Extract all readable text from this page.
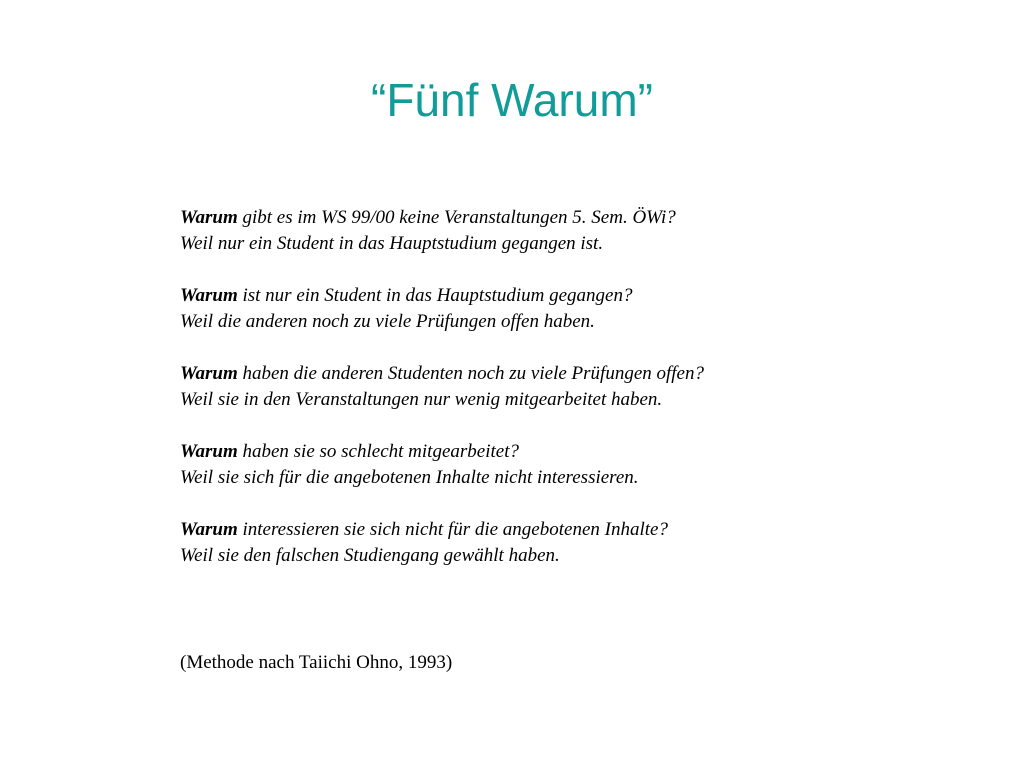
“Fünf Warum”
Warum gibt es im WS 99/00 keine Veranstaltungen 5. Sem. ÖWi?
Weil nur ein Student in das Hauptstudium gegangen ist.
Warum ist nur ein Student in das Hauptstudium gegangen?
Weil die anderen noch zu viele Prüfungen offen haben.
Warum haben die anderen Studenten noch zu viele Prüfungen offen?
Weil sie in den Veranstaltungen nur wenig mitgearbeitet haben.
Warum haben sie so schlecht mitgearbeitet?
Weil sie sich für die angebotenen Inhalte nicht interessieren.
Warum interessieren sie sich nicht für die angebotenen Inhalte?
Weil sie den falschen Studiengang gewählt haben.
(Methode nach Taiichi Ohno, 1993)
